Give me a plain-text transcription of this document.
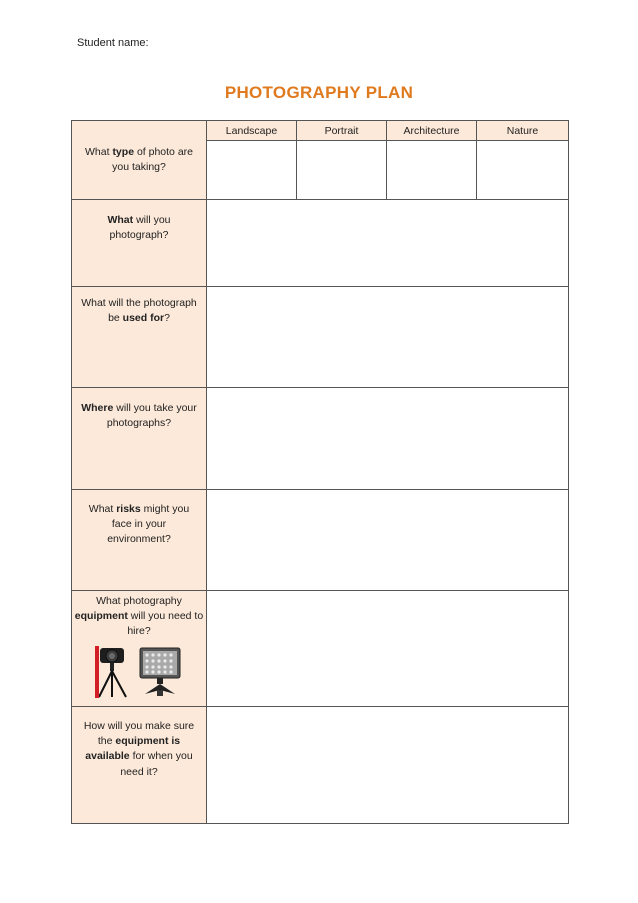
Student name:
PHOTOGRAPHY PLAN
What type of photo are you taking?	Landscape	Portrait	Architecture	Nature

What will you photograph?				

What will the photograph be used for?				

Where will you take your photographs?				

What risks might you face in your environment?				

What photography equipment will you need to hire?				

How will you make sure the equipment is available for when you need it?				
